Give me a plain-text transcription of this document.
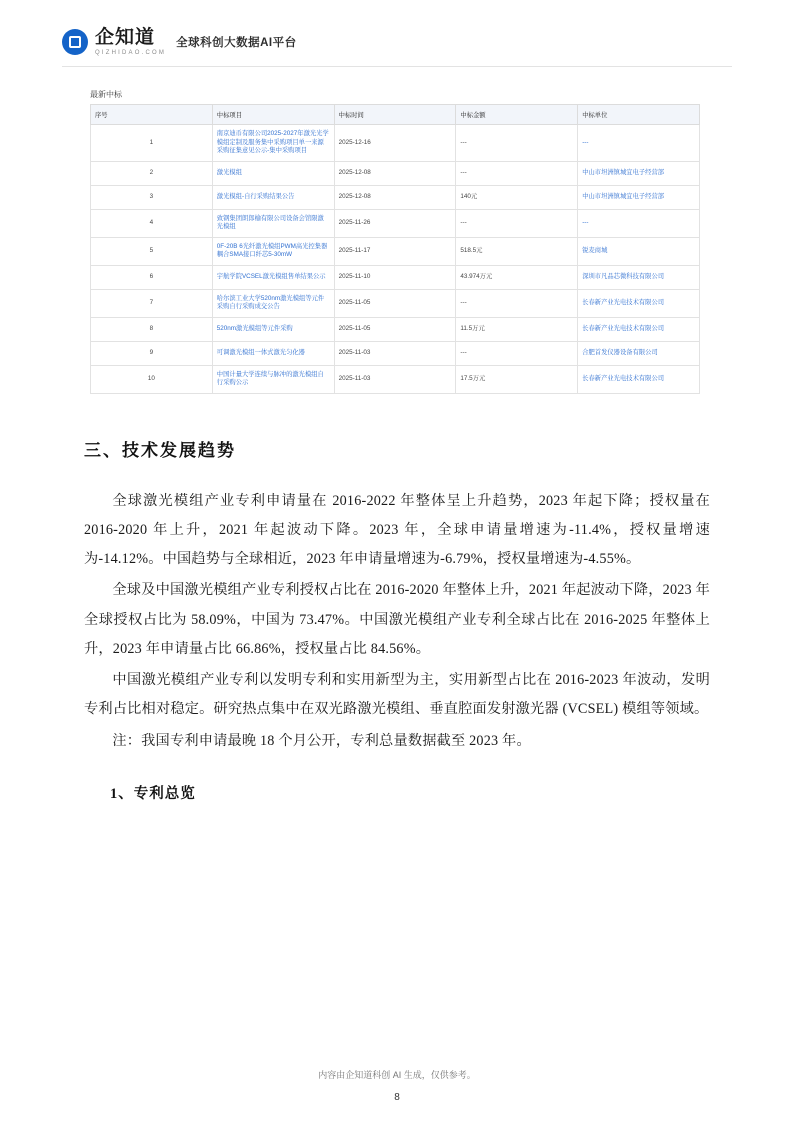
企知道
QIZHIDAO.COM
全球科创大数据AI平台
最新中标
序号	中标项目	中标时间	中标金额	中标单位
1	南京迪币有限公司2025-2027年激光光学模组定制及服务集中采购项目单一来源采购征集意见公示-集中采购项目	2025-12-16	---	---
2	激光模组	2025-12-08	---	中山市坦洲镇城宜电子经营部
3	激光模组-自行采购结果公告	2025-12-08	140元	中山市坦洲镇城宜电子经营部
4	致钢集团朗郎榆有限公司设备会馆限激光模组	2025-11-26	---	---
5	0F-20B 6光纤激光模组PWM高光控集器耦合SMA接口纤芯5-30mW	2025-11-17	518.5元	锐麦商城
6	宇航学院VCSEL激光模组售单结果公示	2025-11-10	43.974万元	深圳市凡品芯微科技有限公司
7	哈尔滨工业大学520nm激光模组等元件采购自行采购成交公告	2025-11-05	---	长春新产业光电技术有限公司
8	520nm激光模组等元件采购	2025-11-05	11.5万元	长春新产业光电技术有限公司
9	可调激光模组一体式激光匀化器	2025-11-03	---	合肥首发仪器设备有限公司
10	中国计量大学连续与脉冲的激光模组自行采购公示	2025-11-03	17.5万元	长春新产业光电技术有限公司
三、技术发展趋势

全球激光模组产业专利申请量在 2016-2022 年整体呈上升趋势，2023 年起下降；授权量在 2016-2020 年上升，2021 年起波动下降。2023 年，全球申请量增速为-11.4%，授权量增速为-14.12%。中国趋势与全球相近，2023 年申请量增速为-6.79%，授权量增速为-4.55%。

全球及中国激光模组产业专利授权占比在 2016-2020 年整体上升，2021 年起波动下降，2023 年全球授权占比为 58.09%，中国为 73.47%。中国激光模组产业专利全球占比在 2016-2025 年整体上升，2023 年申请量占比 66.86%，授权量占比 84.56%。

中国激光模组产业专利以发明专利和实用新型为主，实用新型占比在 2016-2023 年波动，发明专利占比相对稳定。研究热点集中在双光路激光模组、垂直腔面发射激光器 (VCSEL) 模组等领域。

注：我国专利申请最晚 18 个月公开，专利总量数据截至 2023 年。

1、专利总览
内容由企知道科创 AI 生成，仅供参考。
8
